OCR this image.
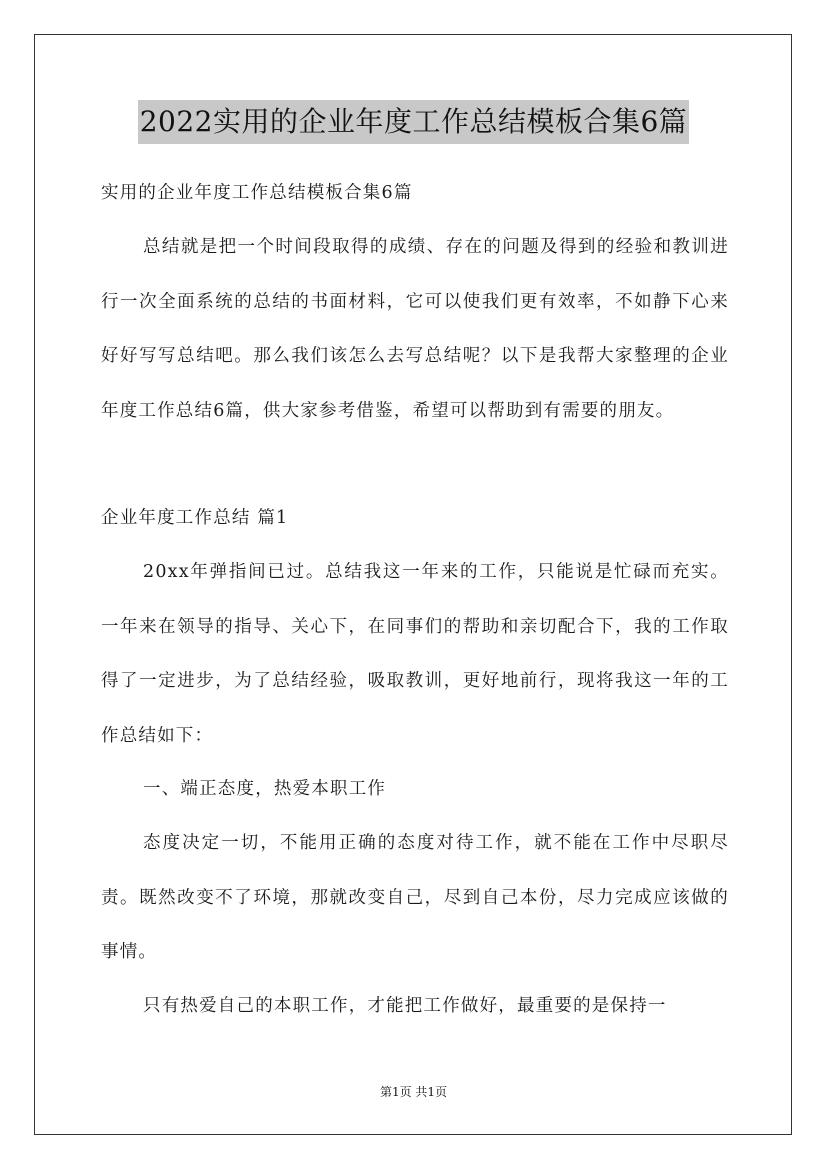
2022实用的企业年度工作总结模板合集6篇

实用的企业年度工作总结模板合集6篇

总结就是把一个时间段取得的成绩、存在的问题及得到的经验和教训进行一次全面系统的总结的书面材料，它可以使我们更有效率，不如静下心来好好写写总结吧。那么我们该怎么去写总结呢？以下是我帮大家整理的企业年度工作总结6篇，供大家参考借鉴，希望可以帮助到有需要的朋友。

企业年度工作总结 篇1

20xx年弹指间已过。总结我这一年来的工作，只能说是忙碌而充实。一年来在领导的指导、关心下，在同事们的帮助和亲切配合下，我的工作取得了一定进步，为了总结经验，吸取教训，更好地前行，现将我这一年的工作总结如下：

一、端正态度，热爱本职工作

态度决定一切，不能用正确的态度对待工作，就不能在工作中尽职尽责。既然改变不了环境，那就改变自己，尽到自己本份，尽力完成应该做的事情。

只有热爱自己的本职工作，才能把工作做好，最重要的是保持一

第1页 共1页
